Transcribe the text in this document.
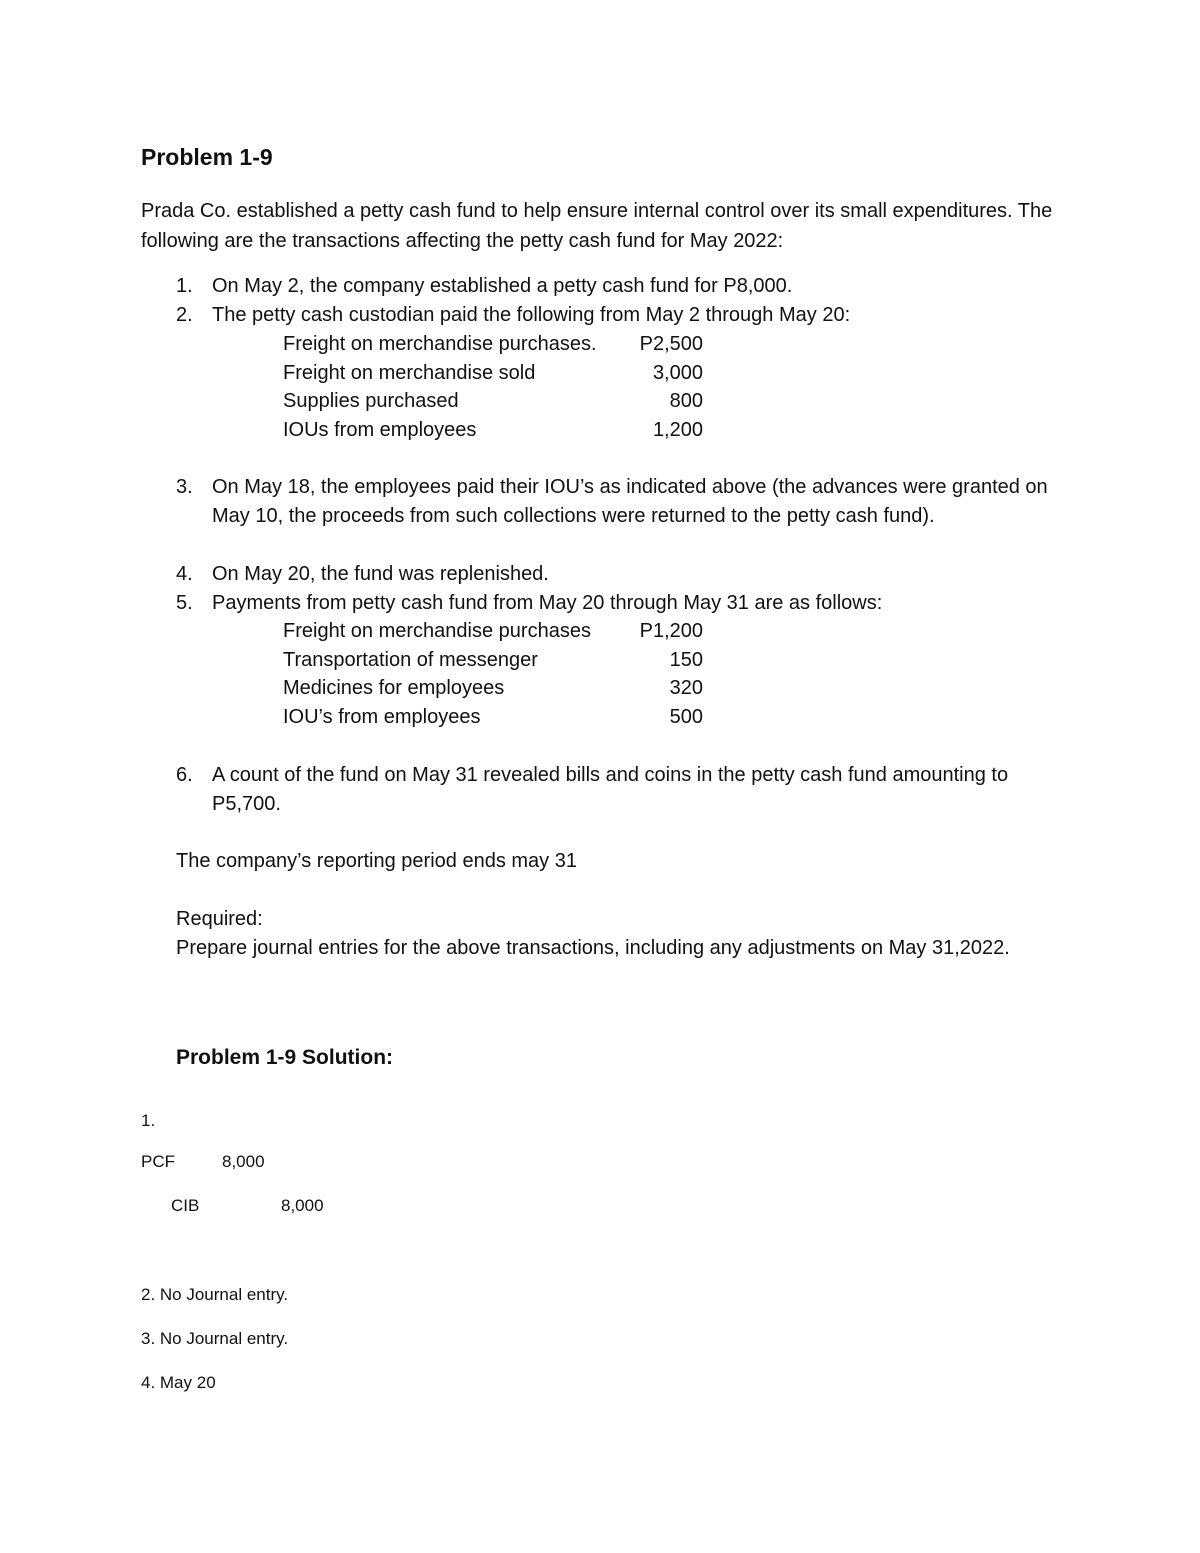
Problem 1-9

Prada Co. established a petty cash fund to help ensure internal control over its small expenditures. The following are the transactions affecting the petty cash fund for May 2022:

1. On May 2, the company established a petty cash fund for P8,000.
2. The petty cash custodian paid the following from May 2 through May 20:
Freight on merchandise purchases. P2,500
Freight on merchandise sold	3,000
Supplies purchased	800
IOUs from employees	1,200
3. On May 18, the employees paid their IOU’s as indicated above (the advances were granted on May 10, the proceeds from such collections were returned to the petty cash fund).
4. On May 20, the fund was replenished.
5. Payments from petty cash fund from May 20 through May 31 are as follows:
Freight on merchandise purchases P1,200
Transportation of messenger	150
Medicines for employees	320
IOU’s from employees	500
6. A count of the fund on May 31 revealed bills and coins in the petty cash fund amounting to P5,700.

The company’s reporting period ends may 31

Required:

Prepare journal entries for the above transactions, including any adjustments on May 31,2022.

Problem 1-9 Solution:
1.
PCF	8,000
CIB	8,000
2. No Journal entry.
3. No Journal entry.
4. May 20
